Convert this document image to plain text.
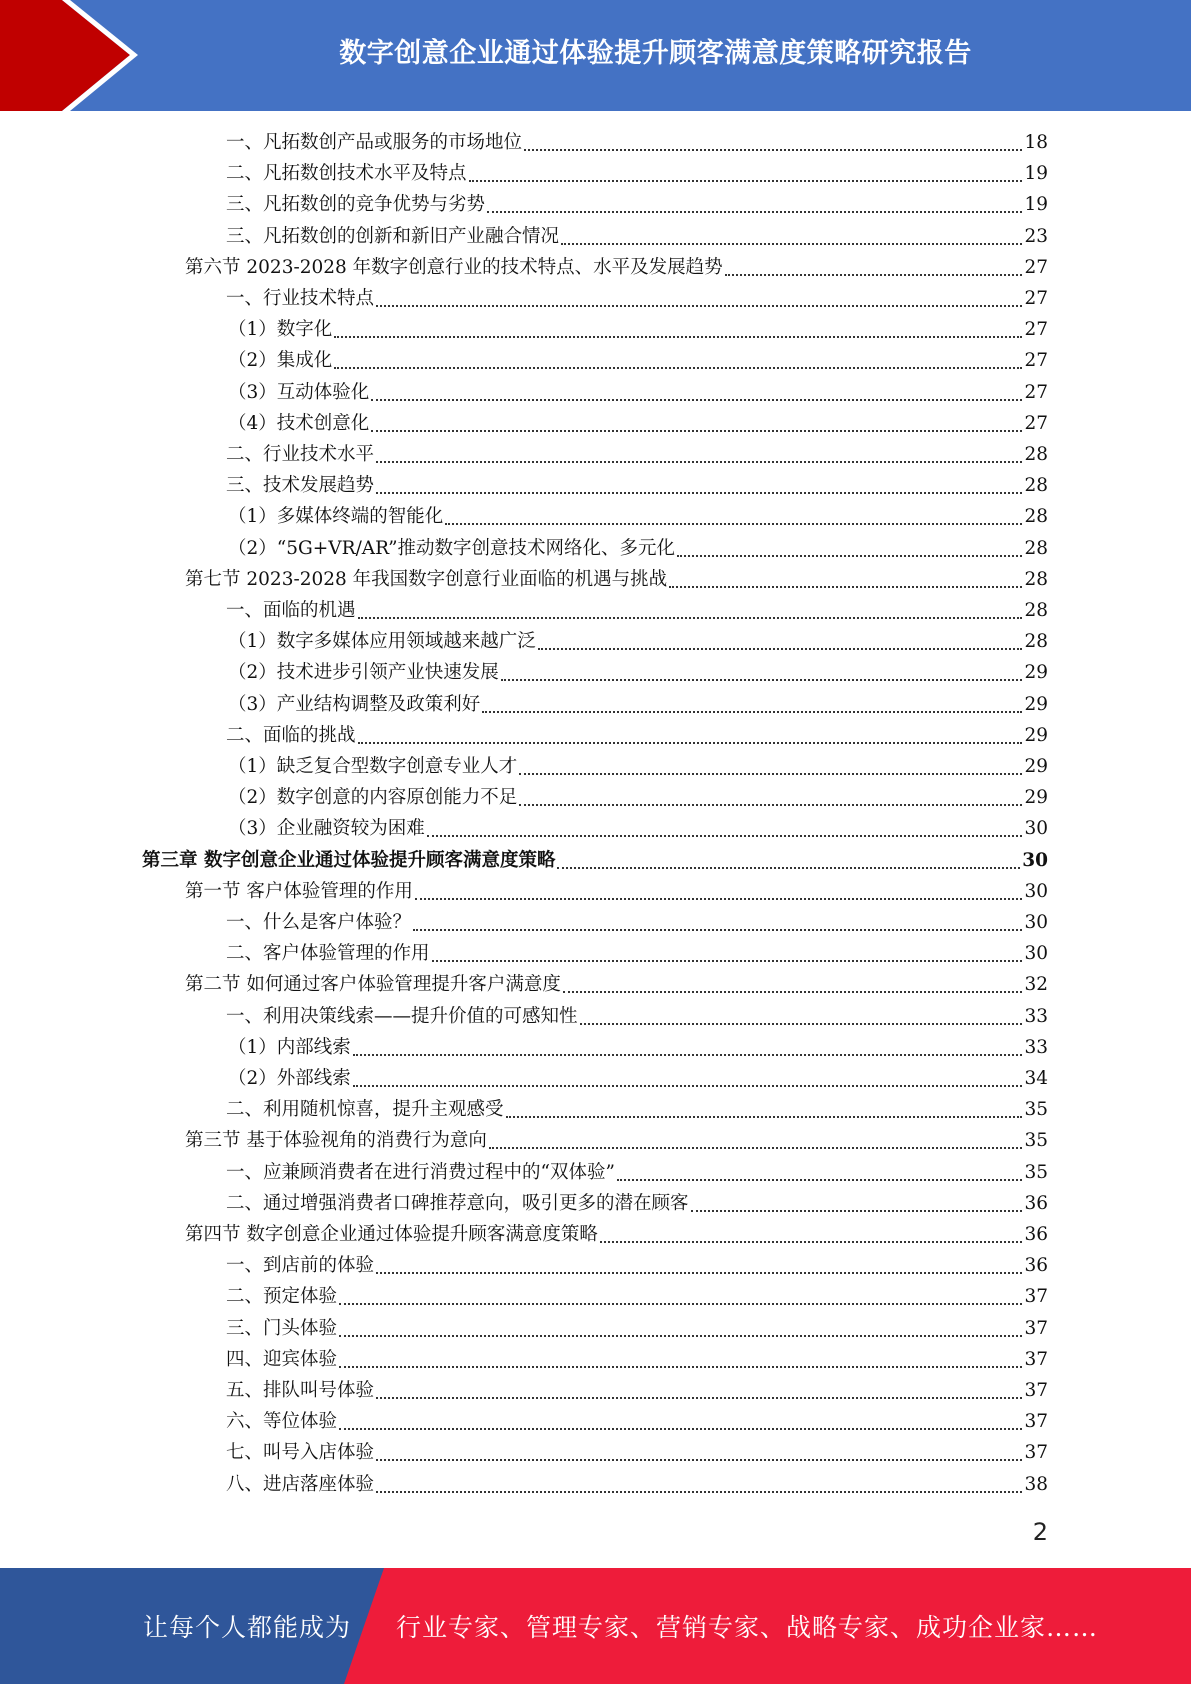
数字创意企业通过体验提升顾客满意度策略研究报告
一、凡拓数创产品或服务的市场地位	18
二、凡拓数创技术水平及特点	19
三、凡拓数创的竞争优势与劣势	19
三、凡拓数创的创新和新旧产业融合情况	23
第六节 2023-2028 年数字创意行业的技术特点、水平及发展趋势	27
一、行业技术特点	27
（1）数字化	27
（2）集成化	27
（3）互动体验化	27
（4）技术创意化	27
二、行业技术水平	28
三、技术发展趋势	28
（1）多媒体终端的智能化	28
（2）“5G+VR/AR”推动数字创意技术网络化、多元化	28
第七节 2023-2028 年我国数字创意行业面临的机遇与挑战	28
一、面临的机遇	28
（1）数字多媒体应用领域越来越广泛	28
（2）技术进步引领产业快速发展	29
（3）产业结构调整及政策利好	29
二、面临的挑战	29
（1）缺乏复合型数字创意专业人才	29
（2）数字创意的内容原创能力不足	29
（3）企业融资较为困难	30
第三章 数字创意企业通过体验提升顾客满意度策略	30
第一节 客户体验管理的作用	30
一、什么是客户体验？	30
二、客户体验管理的作用	30
第二节 如何通过客户体验管理提升客户满意度	32
一、利用决策线索——提升价值的可感知性	33
（1）内部线索	33
（2）外部线索	34
二、利用随机惊喜，提升主观感受	35
第三节 基于体验视角的消费行为意向	35
一、应兼顾消费者在进行消费过程中的“双体验”	35
二、通过增强消费者口碑推荐意向，吸引更多的潜在顾客	36
第四节 数字创意企业通过体验提升顾客满意度策略	36
一、到店前的体验	36
二、预定体验	37
三、门头体验	37
四、迎宾体验	37
五、排队叫号体验	37
六、等位体验	37
七、叫号入店体验	37
八、进店落座体验	38
2
让每个人都能成为 行业专家、管理专家、营销专家、战略专家、成功企业家……
